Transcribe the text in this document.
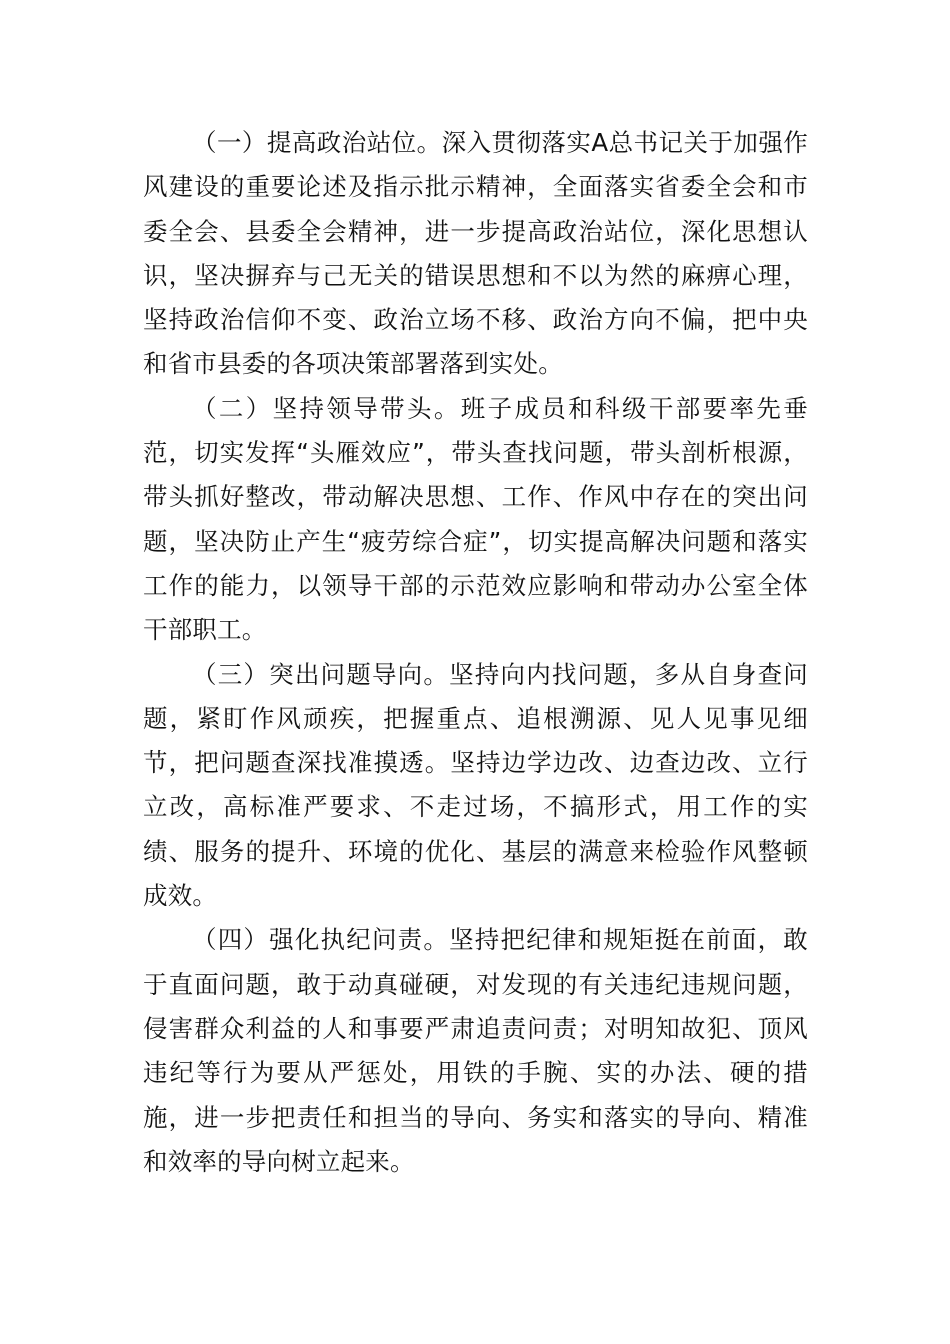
（一）提高政治站位。深入贯彻落实A总书记关于加强作风建设的重要论述及指示批示精神，全面落实省委全会和市委全会、县委全会精神，进一步提高政治站位，深化思想认识，坚决摒弃与己无关的错误思想和不以为然的麻痹心理，坚持政治信仰不变、政治立场不移、政治方向不偏，把中央和省市县委的各项决策部署落到实处。

（二）坚持领导带头。班子成员和科级干部要率先垂范，切实发挥“头雁效应”，带头查找问题，带头剖析根源，带头抓好整改，带动解决思想、工作、作风中存在的突出问题，坚决防止产生“疲劳综合症”，切实提高解决问题和落实工作的能力，以领导干部的示范效应影响和带动办公室全体干部职工。

（三）突出问题导向。坚持向内找问题，多从自身查问题，紧盯作风顽疾，把握重点、追根溯源、见人见事见细节，把问题查深找准摸透。坚持边学边改、边查边改、立行立改，高标准严要求、不走过场，不搞形式，用工作的实绩、服务的提升、环境的优化、基层的满意来检验作风整顿成效。

（四）强化执纪问责。坚持把纪律和规矩挺在前面，敢于直面问题，敢于动真碰硬，对发现的有关违纪违规问题，侵害群众利益的人和事要严肃追责问责；对明知故犯、顶风违纪等行为要从严惩处，用铁的手腕、实的办法、硬的措施，进一步把责任和担当的导向、务实和落实的导向、精准和效率的导向树立起来。
